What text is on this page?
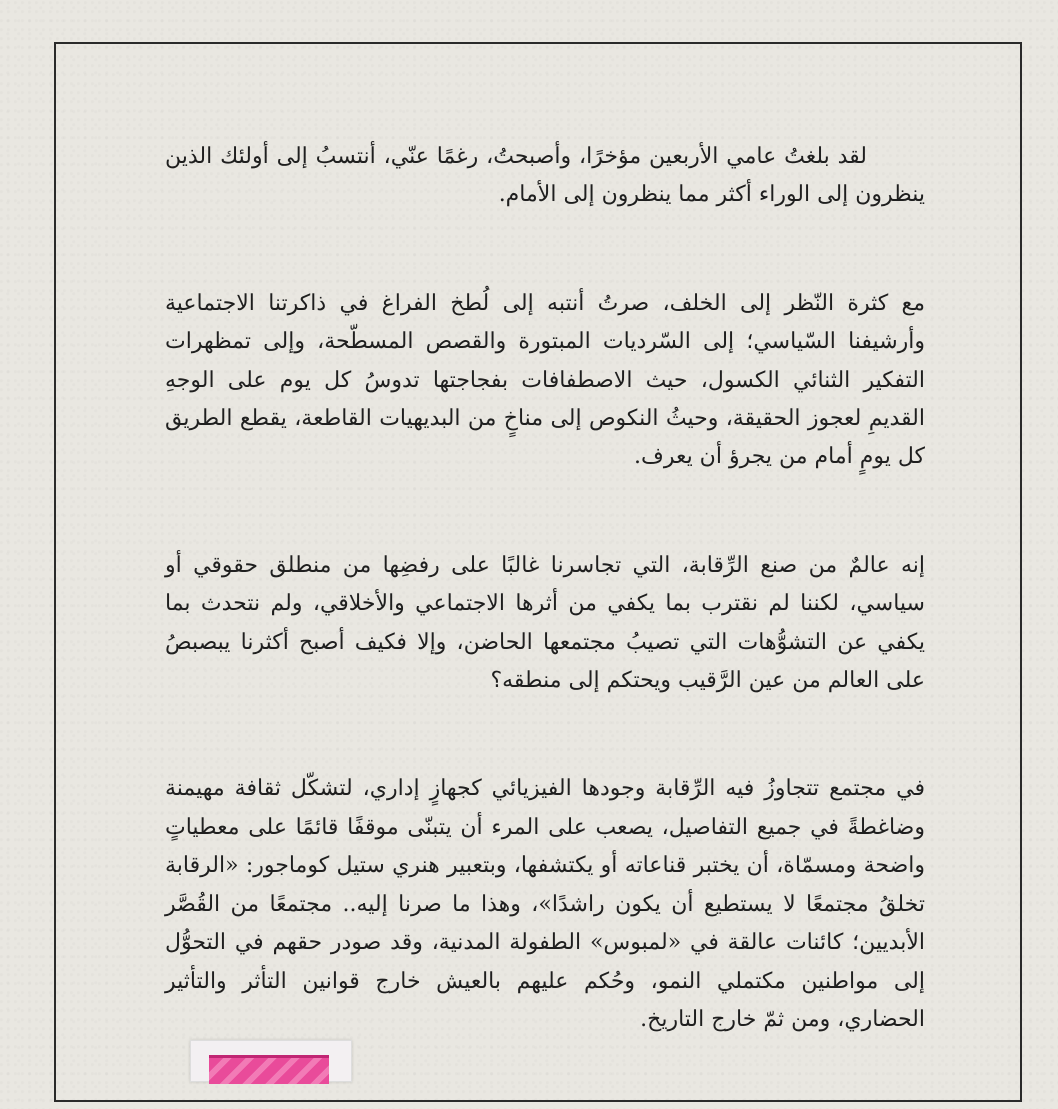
لقد بلغتُ عامي الأربعين مؤخرًا، وأصبحتُ، رغمًا عنّي، أنتسبُ إلى أولئك الذين ينظرون إلى الوراء أكثر مما ينظرون إلى الأمام.

مع كثرة النّظر إلى الخلف، صرتُ أنتبه إلى لُطخ الفراغ في ذاكرتنا الاجتماعية وأرشيفنا السّياسي؛ إلى السّرديات المبتورة والقصص المسطّحة، وإلى تمظهرات التفكير الثنائي الكسول، حيث الاصطفافات بفجاجتها تدوسُ كل يوم على الوجهِ القديمِ لعجوز الحقيقة، وحيثُ النكوص إلى مناخٍ من البديهيات القاطعة، يقطع الطريق كل يومٍ أمام من يجرؤ أن يعرف.

إنه عالمٌ من صنع الرِّقابة، التي تجاسرنا غالبًا على رفضِها من منطلق حقوقي أو سياسي، لكننا لم نقترب بما يكفي من أثرها الاجتماعي والأخلاقي، ولم نتحدث بما يكفي عن التشوُّهات التي تصيبُ مجتمعها الحاضن، وإلا فكيف أصبح أكثرنا يبصبصُ على العالم من عين الرَّقيب ويحتكم إلى منطقه؟

في مجتمع تتجاوزُ فيه الرِّقابة وجودها الفيزيائي كجهازٍ إداري، لتشكّل ثقافة مهيمنة وضاغطةً في جميع التفاصيل، يصعب على المرء أن يتبنّى موقفًا قائمًا على معطياتٍ واضحة ومسمّاة، أن يختبر قناعاته أو يكتشفها، وبتعبير هنري ستيل كوماجور: «الرقابة تخلقُ مجتمعًا لا يستطيع أن يكون راشدًا»، وهذا ما صرنا إليه.. مجتمعًا من القُصَّر الأبديين؛ كائنات عالقة في «لمبوس» الطفولة المدنية، وقد صودر حقهم في التحوُّل إلى مواطنين مكتملي النمو، وحُكم عليهم بالعيش خارج قوانين التأثر والتأثير الحضاري، ومن ثمّ خارج التاريخ.
